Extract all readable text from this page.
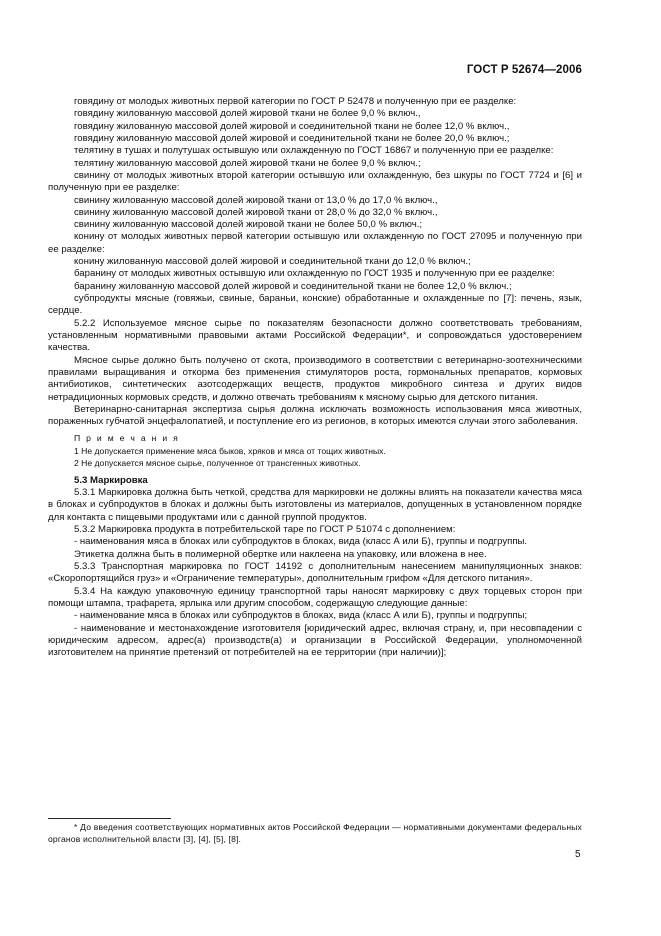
ГОСТ Р 52674—2006

говядину от молодых животных первой категории по ГОСТ Р 52478 и полученную при ее разделке:

говядину жилованную массовой долей жировой ткани не более 9,0 % включ.,

говядину жилованную массовой долей жировой и соединительной ткани не более 12,0 % включ.,

говядину жилованную массовой долей жировой и соединительной ткани не более 20,0 % включ.;

телятину в тушах и полутушах остывшую или охлажденную по ГОСТ 16867 и полученную при ее разделке:

телятину жилованную массовой долей жировой ткани не более 9,0 % включ.;

свинину от молодых животных второй категории остывшую или охлажденную, без шкуры по ГОСТ 7724 и [6] и полученную при ее разделке:

свинину жилованную массовой долей жировой ткани от 13,0 % до 17,0 % включ.,

свинину жилованную массовой долей жировой ткани от 28,0 % до 32,0 % включ.,

свинину жилованную массовой долей жировой ткани не более 50,0 % включ.;

конину от молодых животных первой категории остывшую или охлажденную по ГОСТ 27095 и полученную при ее разделке:

конину жилованную массовой долей жировой и соединительной ткани до 12,0 % включ.;

баранину от молодых животных остывшую или охлажденную по ГОСТ 1935 и полученную при ее разделке:

баранину жилованную массовой долей жировой и соединительной ткани не более 12,0 % включ.;

субпродукты мясные (говяжьи, свиные, бараньи, конские) обработанные и охлажденные по [7]: печень, язык, сердце.

5.2.2 Используемое мясное сырье по показателям безопасности должно соответствовать требованиям, установленным нормативными правовыми актами Российской Федерации*, и сопровождаться удостоверением качества.

Мясное сырье должно быть получено от скота, производимого в соответствии с ветеринарно-зоотехническими правилами выращивания и откорма без применения стимуляторов роста, гормональных препаратов, кормовых антибиотиков, синтетических азотсодержащих веществ, продуктов микробного синтеза и других видов нетрадиционных кормовых средств, и должно отвечать требованиям к мясному сырью для детского питания.

Ветеринарно-санитарная экспертиза сырья должна исключать возможность использования мяса животных, пораженных губчатой энцефалопатией, и поступление его из регионов, в которых имеются случаи этого заболевания.

П р и м е ч а н и я

1 Не допускается применение мяса быков, хряков и мяса от тощих животных.

2 Не допускается мясное сырье, полученное от трансгенных животных.

5.3 Маркировка

5.3.1 Маркировка должна быть четкой, средства для маркировки не должны влиять на показатели качества мяса в блоках и субпродуктов в блоках и должны быть изготовлены из материалов, допущенных в установленном порядке для контакта с пищевыми продуктами или с данной группой продуктов.

5.3.2 Маркировка продукта в потребительской таре по ГОСТ Р 51074 с дополнением:

- наименования мяса в блоках или субпродуктов в блоках, вида (класс А или Б), группы и подгруппы.

Этикетка должна быть в полимерной обертке или наклеена на упаковку, или вложена в нее.

5.3.3 Транспортная маркировка по ГОСТ 14192 с дополнительным нанесением манипуляционных знаков: «Скоропортящийся груз» и «Ограничение температуры», дополнительным грифом «Для детского питания».

5.3.4 На каждую упаковочную единицу транспортной тары наносят маркировку с двух торцевых сторон при помощи штампа, трафарета, ярлыка или другим способом, содержащую следующие данные:

- наименование мяса в блоках или субпродуктов в блоках, вида (класс А или Б), группы и подгруппы;

- наименование и местонахождение изготовителя [юридический адрес, включая страну, и, при несовпадении с юридическим адресом, адрес(а) производств(а) и организации в Российской Федерации, уполномоченной изготовителем на принятие претензий от потребителей на ее территории (при наличии)];

* До введения соответствующих нормативных актов Российской Федерации — нормативными документами федеральных органов исполнительной власти [3], [4], [5], [8].
5
